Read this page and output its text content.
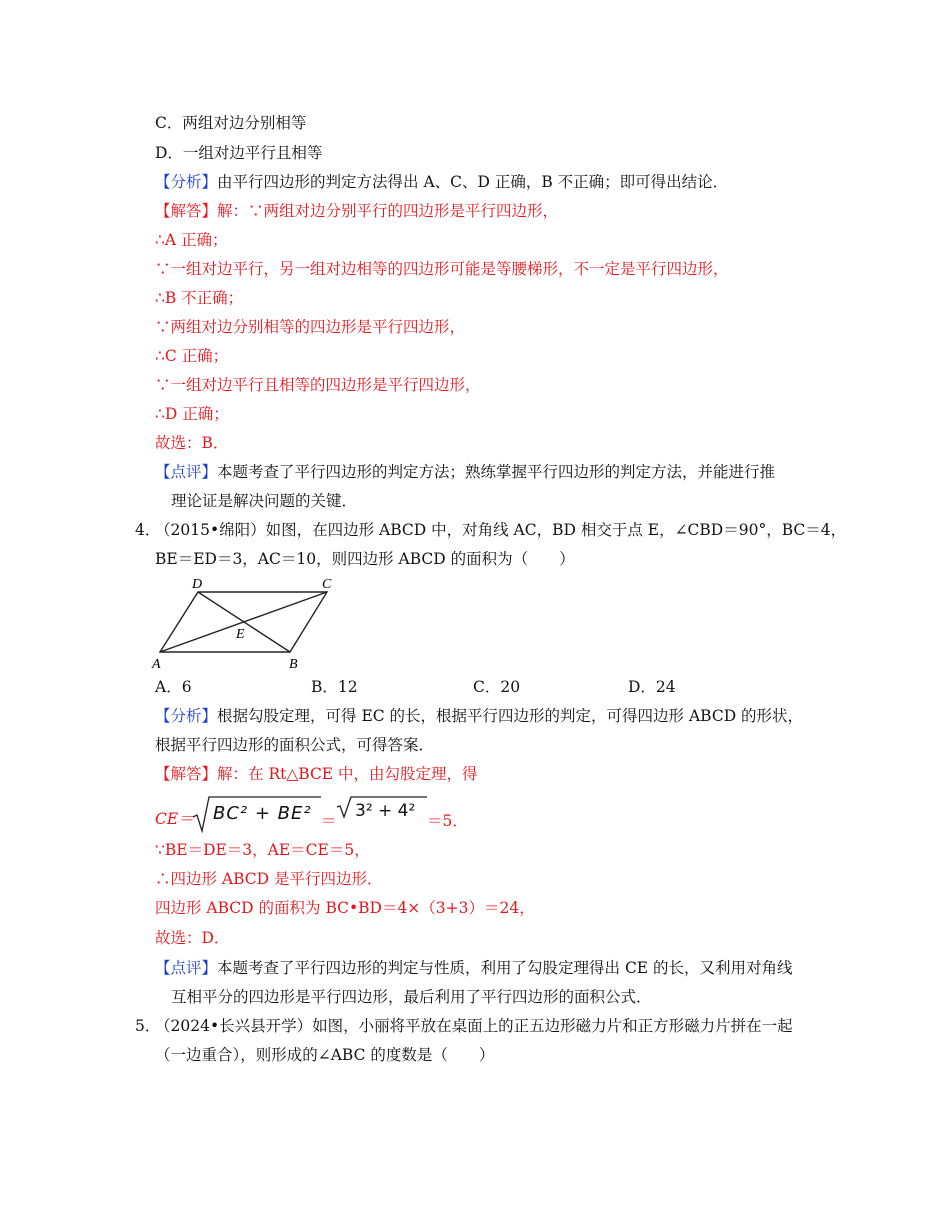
C．两组对边分别相等
D．一组对边平行且相等
【分析】由平行四边形的判定方法得出 A、C、D 正确，B 不正确；即可得出结论．
【解答】解：∵两组对边分别平行的四边形是平行四边形，
∴A 正确；
∵一组对边平行，另一组对边相等的四边形可能是等腰梯形，不一定是平行四边形，
∴B 不正确；
∵两组对边分别相等的四边形是平行四边形，
∴C 正确；
∵一组对边平行且相等的四边形是平行四边形，
∴D 正确；
故选：B．
【点评】本题考查了平行四边形的判定方法；熟练掌握平行四边形的判定方法，并能进行推
理论证是解决问题的关键．
4．
（2015•绵阳）如图，在四边形 ABCD 中，对角线 AC，BD 相交于点 E，∠CBD＝90°，BC＝4，
BE＝ED＝3，AC＝10，则四边形 ABCD 的面积为（　　）
A	B
C
D
E
A．6	B．12	C．20	D．24
【分析】根据勾股定理，可得 EC 的长，根据平行四边形的判定，可得四边形 ABCD 的形状，
根据平行四边形的面积公式，可得答案．
【解答】解：在 Rt△BCE 中，由勾股定理，得
CE＝ BC² + BE² ＝ 3² + 4² ＝5．
∵BE＝DE＝3，AE＝CE＝5，
∴四边形 ABCD 是平行四边形．
四边形 ABCD 的面积为 BC•BD＝4×（3+3）＝24，
故选：D．
【点评】本题考查了平行四边形的判定与性质，利用了勾股定理得出 CE 的长，又利用对角线
互相平分的四边形是平行四边形，最后利用了平行四边形的面积公式．
5．
（2024•长兴县开学）如图，小丽将平放在桌面上的正五边形磁力片和正方形磁力片拼在一起
（一边重合），则形成的∠ABC 的度数是（　　）
